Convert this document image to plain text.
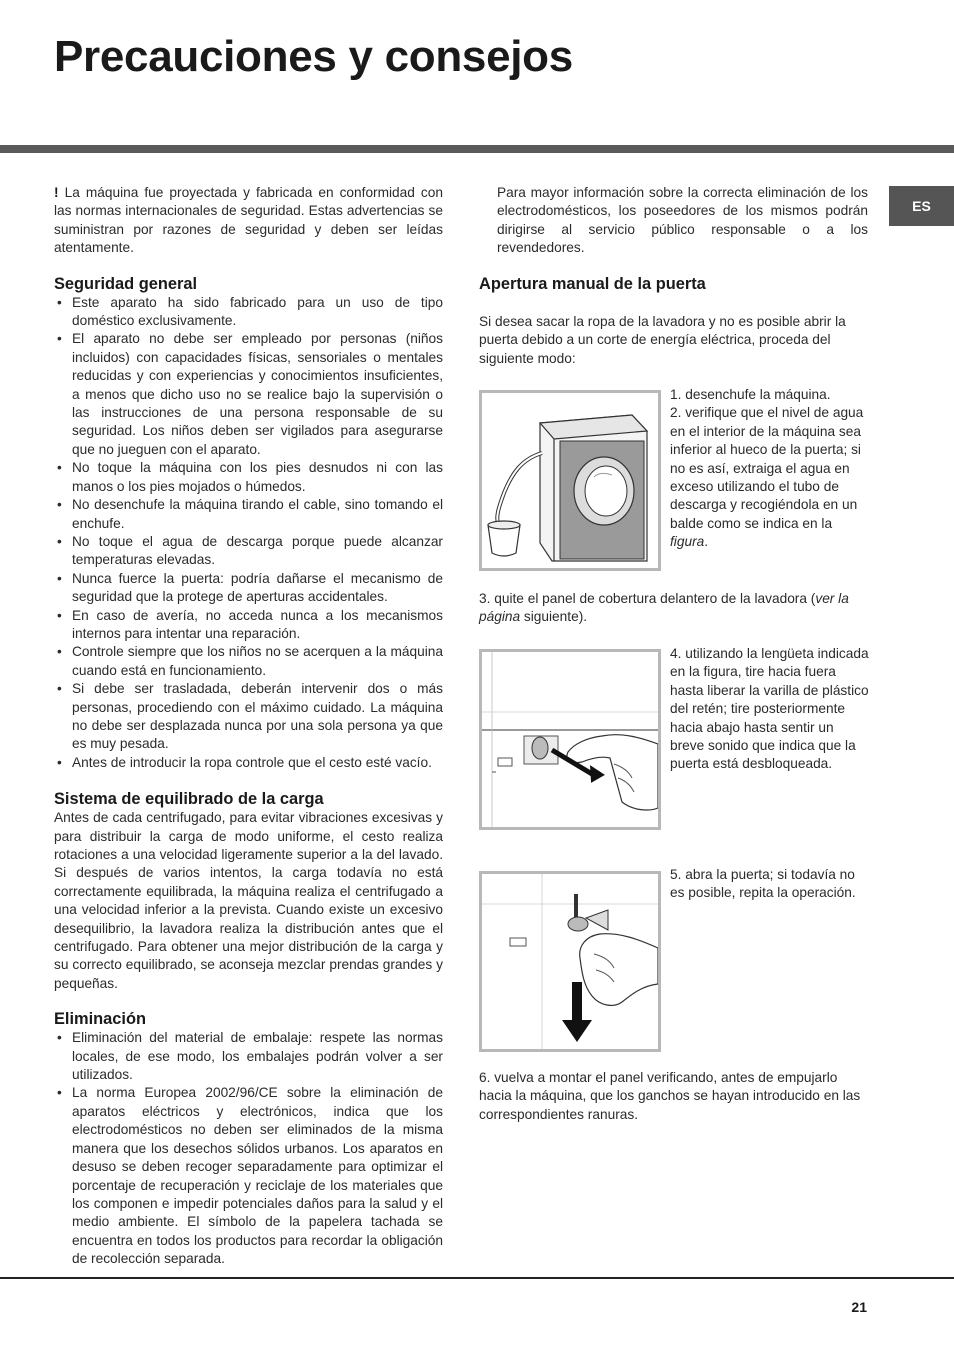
Precauciones y consejos
ES

! La máquina fue proyectada y fabricada en conformidad con las normas internacionales de seguridad. Estas advertencias se suministran por razones de seguridad y deben ser leídas atentamente.

Seguridad general
• Este aparato ha sido fabricado para un uso de tipo doméstico exclusivamente.
• El aparato no debe ser empleado por personas (niños incluidos) con capacidades físicas, sensoriales o mentales reducidas y con experiencias y conocimientos insuficientes, a menos que dicho uso no se realice bajo la supervisión o las instrucciones de una persona responsable de su seguridad. Los niños deben ser vigilados para asegurarse que no jueguen con el aparato.
• No toque la máquina con los pies desnudos ni con las manos o los pies mojados o húmedos.
• No desenchufe la máquina tirando el cable, sino tomando el enchufe.
• No toque el agua de descarga porque puede alcanzar temperaturas elevadas.
• Nunca fuerce la puerta: podría dañarse el mecanismo de seguridad que la protege de aperturas accidentales.
• En caso de avería, no acceda nunca a los mecanismos internos para intentar una reparación.
• Controle siempre que los niños no se acerquen a la máquina cuando está en funcionamiento.
• Si debe ser trasladada, deberán intervenir dos o más personas, procediendo con el máximo cuidado. La máquina no debe ser desplazada nunca por una sola persona ya que es muy pesada.
• Antes de introducir la ropa controle que el cesto esté vacío.
Sistema de equilibrado de la carga

Antes de cada centrifugado, para evitar vibraciones excesivas y para distribuir la carga de modo uniforme, el cesto realiza rotaciones a una velocidad ligeramente superior a la del lavado. Si después de varios intentos, la carga todavía no está correctamente equilibrada, la máquina realiza el centrifugado a una velocidad inferior a la prevista. Cuando existe un excesivo desequilibrio, la lavadora realiza la distribución antes que el centrifugado. Para obtener una mejor distribución de la carga y su correcto equilibrado, se aconseja mezclar prendas grandes y pequeñas.

Eliminación
• Eliminación del material de embalaje: respete las normas locales, de ese modo, los embalajes podrán volver a ser utilizados.
• La norma Europea 2002/96/CE sobre la eliminación de aparatos eléctricos y electrónicos, indica que los electrodomésticos no deben ser eliminados de la misma manera que los desechos sólidos urbanos. Los aparatos en desuso se deben recoger separadamente para optimizar el porcentaje de recuperación y reciclaje de los materiales que los componen e impedir potenciales daños para la salud y el medio ambiente. El símbolo de la papelera tachada se encuentra en todos los productos para recordar la obligación de recolección separada.

Para mayor información sobre la correcta eliminación de los electrodomésticos, los poseedores de los mismos podrán dirigirse al servicio público responsable o a los revendedores.

Apertura manual de la puerta

Si desea sacar la ropa de la lavadora y no es posible abrir la puerta debido a un corte de energía eléctrica, proceda del siguiente modo:

1. desenchufe la máquina.

2. verifique que el nivel de agua en el interior de la máquina sea inferior al hueco de la puerta; si no es así, extraiga el agua en exceso utilizando el tubo de descarga y recogiéndola en un balde como se indica en la figura.

3. quite el panel de cobertura delantero de la lavadora (ver la página siguiente).

4. utilizando la lengüeta indicada en la figura, tire hacia fuera hasta liberar la varilla de plástico del retén; tire posteriormente hacia abajo hasta sentir un breve sonido que indica que la puerta está desbloqueada.

5. abra la puerta; si todavía no es posible, repita la operación.

6. vuelva a montar el panel verificando, antes de empujarlo hacia la máquina, que los ganchos se hayan introducido en las correspondientes ranuras.

21
